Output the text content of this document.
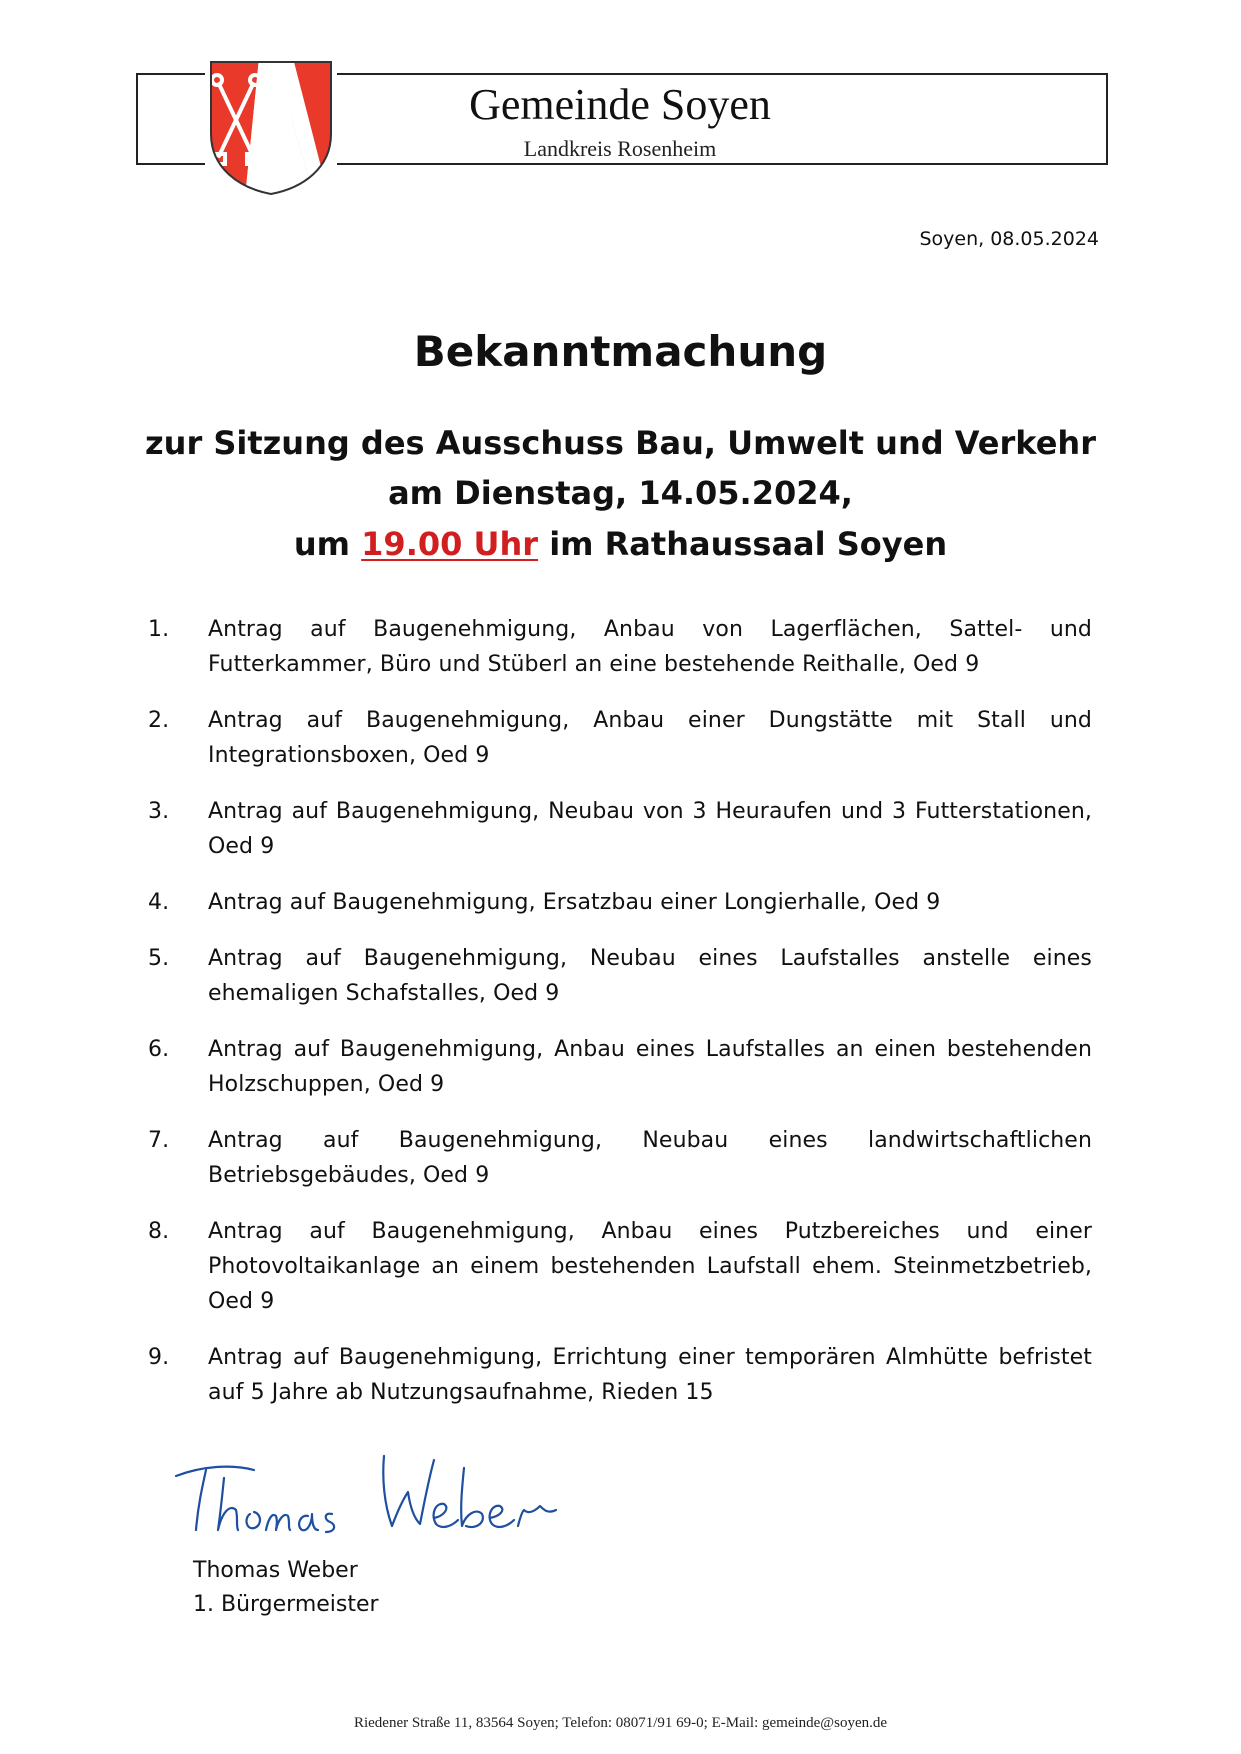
Gemeinde Soyen
Landkreis Rosenheim
Soyen, 08.05.2024
Bekanntmachung
zur Sitzung des Ausschuss Bau, Umwelt und Verkehr
am Dienstag, 14.05.2024,
um 19.00 Uhr im Rathaussaal Soyen
1.	Antrag auf Baugenehmigung, Anbau von Lagerflächen, Sattel- und Futterkammer, Büro und Stüberl an eine bestehende Reithalle, Oed 9
2.	Antrag auf Baugenehmigung, Anbau einer Dungstätte mit Stall und Integrationsboxen, Oed 9
3.	Antrag auf Baugenehmigung, Neubau von 3 Heuraufen und 3 Futterstationen, Oed 9
4.	Antrag auf Baugenehmigung, Ersatzbau einer Longierhalle, Oed 9
5.	Antrag auf Baugenehmigung, Neubau eines Laufstalles anstelle eines ehemaligen Schafstalles, Oed 9
6.	Antrag auf Baugenehmigung, Anbau eines Laufstalles an einen bestehenden Holzschuppen, Oed 9
7.	Antrag auf Baugenehmigung, Neubau eines landwirtschaftlichen Betriebsgebäudes, Oed 9
8.	Antrag auf Baugenehmigung, Anbau eines Putzbereiches und einer Photovoltaikanlage an einem bestehenden Laufstall ehem. Steinmetzbetrieb, Oed 9
9.	Antrag auf Baugenehmigung, Errichtung einer temporären Almhütte befristet auf 5 Jahre ab Nutzungsaufnahme, Rieden 15
Thomas Weber
1. Bürgermeister
Riedener Straße 11, 83564 Soyen; Telefon: 08071/91 69-0; E-Mail: gemeinde@soyen.de
